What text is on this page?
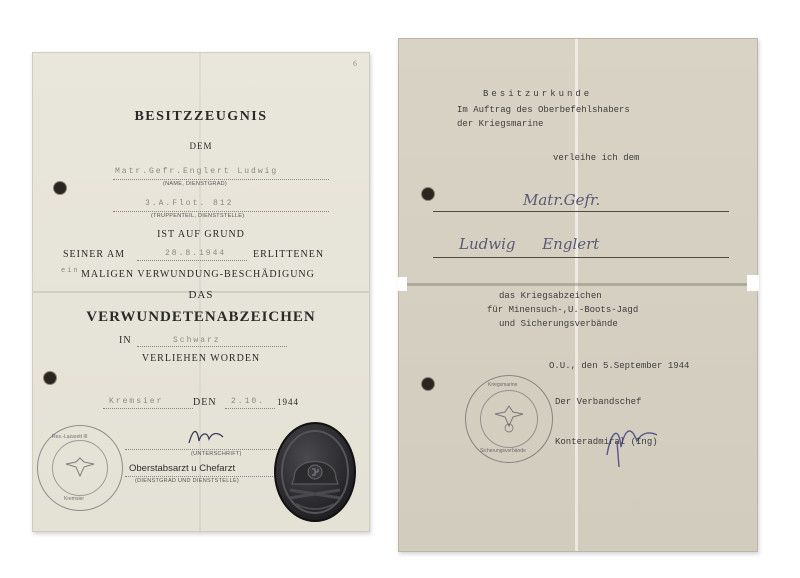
6
BESITZZEUGNIS
DEM
Matr.Gefr.Englert Ludwig
(NAME, DIENSTGRAD)
3.A.Flot. 812
(TRUPPENTEIL, DIENSTSTELLE)
IST AUF GRUND
SEINER AM	28.8.1944	ERLITTENEN
ein MALIGEN VERWUNDUNG-BESCHÄDIGUNG
DAS
VERWUNDETENABZEICHEN
IN	Schwarz
VERLIEHEN WORDEN
Kremsier	DEN 2.10. 1944
(UNTERSCHRIFT)
Oberstabsarzt u Chefarzt
(DIENSTGRAD UND DIENSTSTELLE)
Res.-Lazarett III
Kremsier
Besitzurkunde
Im Auftrag des Oberbefehlshabers
der Kriegsmarine
verleihe ich dem
Matr.Gefr.
Ludwig Englert
das Kriegsabzeichen
für Minensuch-,U.-Boots-Jagd
und Sicherungsverbände
O.U., den 5.September 1944
Der Verbandschef
Konteradmiral (Ing)
Kriegsmarine
Sicherungsverbände
